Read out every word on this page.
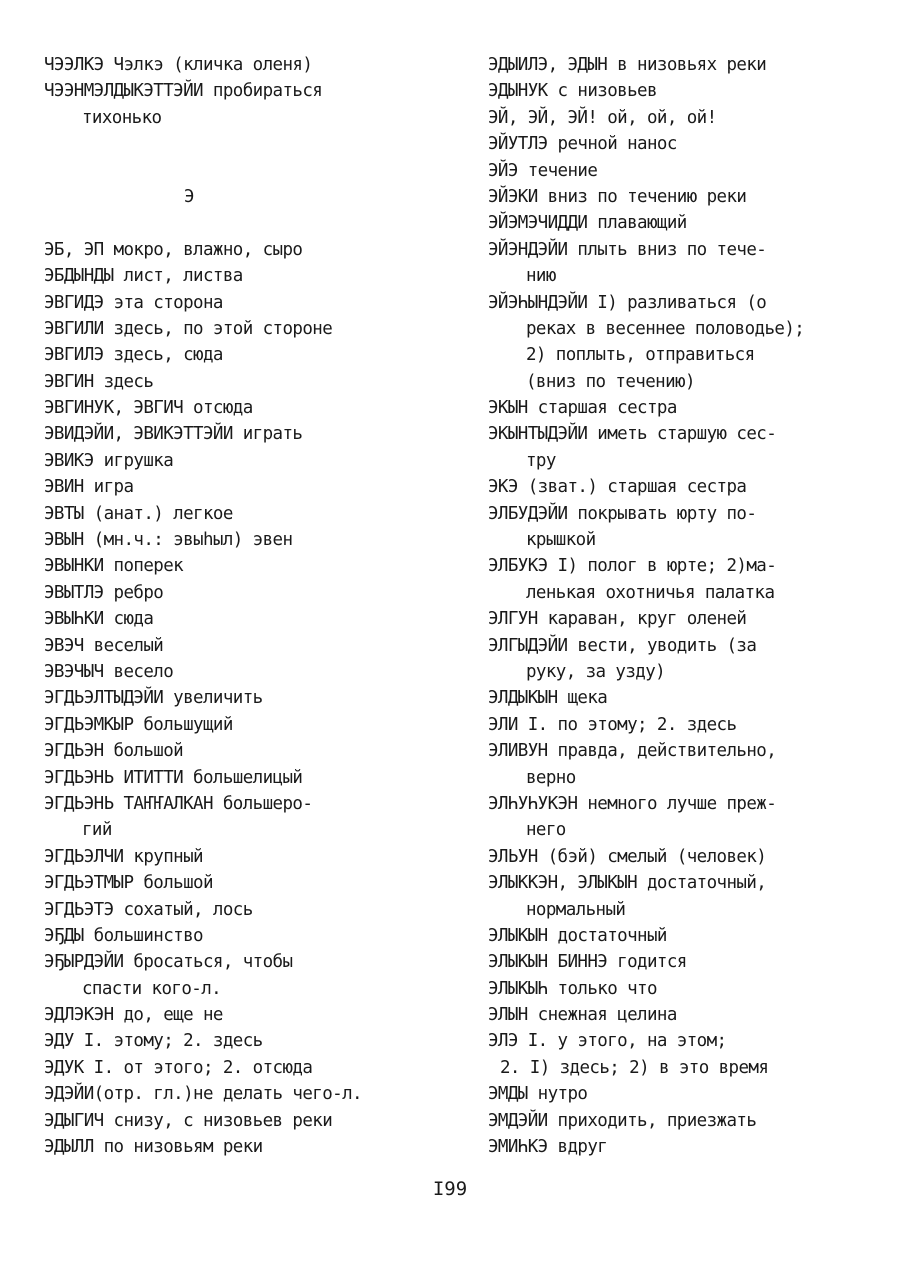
ЧЭЭЛКЭ Чэлкэ (кличка оленя)
ЧЭЭНМЭЛДЫКЭТТЭЙИ пробираться
тихонько
Э
ЭБ, ЭП мокро, влажно, сыро
ЭБДЫНДЫ лист, листва
ЭВГИДЭ эта сторона
ЭВГИЛИ здесь, по этой стороне
ЭВГИЛЭ здесь, сюда
ЭВГИН здесь
ЭВГИНУК, ЭВГИЧ отсюда
ЭВИДЭЙИ, ЭВИКЭТТЭЙИ играть
ЭВИКЭ игрушка
ЭВИН игра
ЭВТЫ (анат.) легкое
ЭВЫН (мн.ч.: эвыһыл) эвен
ЭВЫНКИ поперек
ЭВЫТЛЭ ребро
ЭВЫҺКИ сюда
ЭВЭЧ веселый
ЭВЭЧЫЧ весело
ЭГДЬЭЛТЫДЭЙИ увеличить
ЭГДЬЭМКЫР большущий
ЭГДЬЭН большой
ЭГДЬЭНЬ ИТИТТИ большелицый
ЭГДЬЭНЬ ТАҤҤАЛКАН большеро-
гий
ЭГДЬЭЛЧИ крупный
ЭГДЬЭТМЫР большой
ЭГДЬЭТЭ сохатый, лось
ЭҔДЫ большинство
ЭҔЫРДЭЙИ бросаться, чтобы
спасти кого-л.
ЭДЛЭКЭН до, еще не
ЭДУ I. этому; 2. здесь
ЭДУК I. от этого; 2. отсюда
ЭДЭЙИ(отр. гл.)не делать чего-л.
ЭДЫГИЧ снизу, с низовьев реки
ЭДЫЛЛ по низовьям реки
ЭДЫИЛЭ, ЭДЫН в низовьях реки
ЭДЫНУК с низовьев
ЭЙ, ЭЙ, ЭЙ! ой, ой, ой!
ЭЙУТЛЭ речной нанос
ЭЙЭ течение
ЭЙЭКИ вниз по течению реки
ЭЙЭМЭЧИДДИ плавающий
ЭЙЭНДЭЙИ плыть вниз по тече-
нию
ЭЙЭҺЫНДЭЙИ I) разливаться (о
реках в весеннее половодье);
2) поплыть, отправиться
(вниз по течению)
ЭКЫН старшая сестра
ЭКЫНТЫДЭЙИ иметь старшую сес-
тру
ЭКЭ (зват.) старшая сестра
ЭЛБУДЭЙИ покрывать юрту по-
крышкой
ЭЛБУКЭ I) полог в юрте; 2)ма-
ленькая охотничья палатка
ЭЛГУН караван, круг оленей
ЭЛГЫДЭЙИ вести, уводить (за
руку, за узду)
ЭЛДЫКЫН щека
ЭЛИ I. по этому; 2. здесь
ЭЛИВУН правда, действительно,
верно
ЭЛҺУҺУКЭН немного лучше преж-
него
ЭЛЬУН (бэй) смелый (человек)
ЭЛЫККЭН, ЭЛЫКЫН достаточный,
нормальный
ЭЛЫКЫН достаточный
ЭЛЫКЫН БИННЭ годится
ЭЛЫКЫҺ только что
ЭЛЫН снежная целина
ЭЛЭ I. у этого, на этом;
2. I) здесь; 2) в это время
ЭМДЫ нутро
ЭМДЭЙИ приходить, приезжать
ЭМИҺКЭ вдруг
I99
